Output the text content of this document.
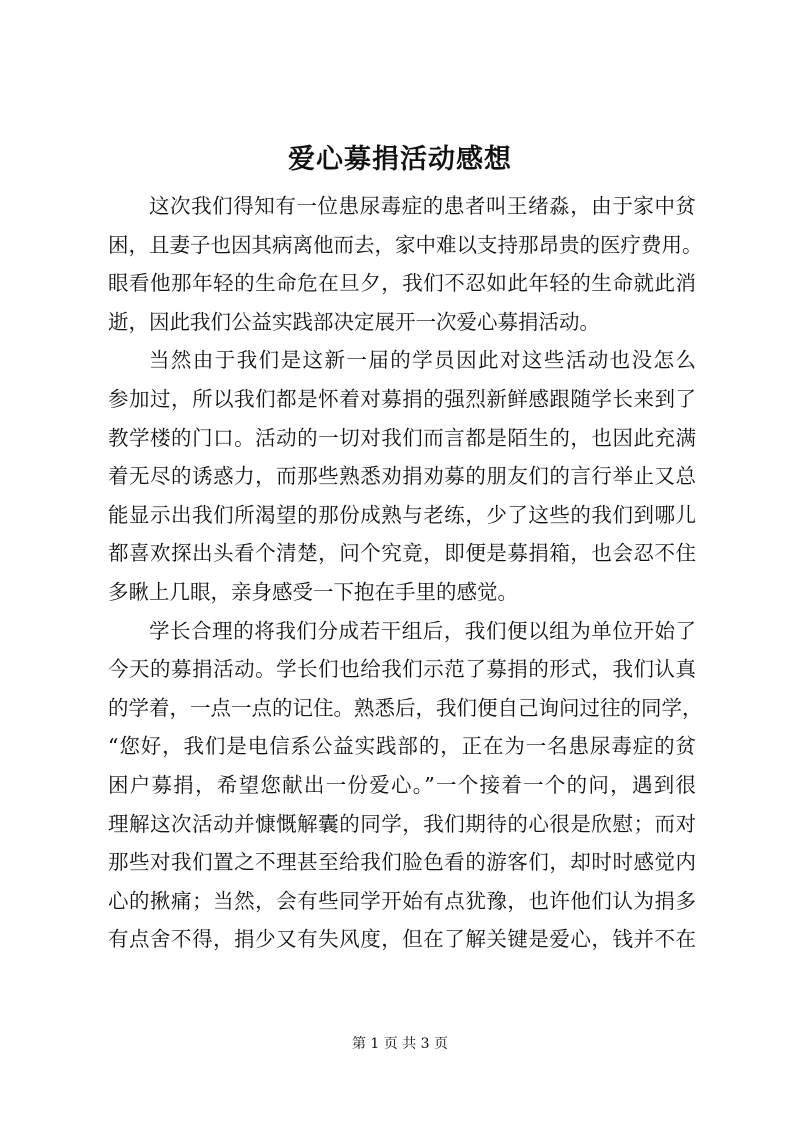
爱心募捐活动感想
这次我们得知有一位患尿毒症的患者叫王绪淼，由于家中贫
困，且妻子也因其病离他而去，家中难以支持那昂贵的医疗费用。
眼看他那年轻的生命危在旦夕，我们不忍如此年轻的生命就此消
逝，因此我们公益实践部决定展开一次爱心募捐活动。
当然由于我们是这新一届的学员因此对这些活动也没怎么
参加过，所以我们都是怀着对募捐的强烈新鲜感跟随学长来到了
教学楼的门口。活动的一切对我们而言都是陌生的，也因此充满
着无尽的诱惑力，而那些熟悉劝捐劝募的朋友们的言行举止又总
能显示出我们所渴望的那份成熟与老练，少了这些的我们到哪儿
都喜欢探出头看个清楚，问个究竟，即便是募捐箱，也会忍不住
多瞅上几眼，亲身感受一下抱在手里的感觉。
学长合理的将我们分成若干组后，我们便以组为单位开始了
今天的募捐活动。学长们也给我们示范了募捐的形式，我们认真
的学着，一点一点的记住。熟悉后，我们便自己询问过往的同学，
“您好，我们是电信系公益实践部的，正在为一名患尿毒症的贫
困户募捐，希望您献出一份爱心。”一个接着一个的问，遇到很
理解这次活动并慷慨解囊的同学，我们期待的心很是欣慰；而对
那些对我们置之不理甚至给我们脸色看的游客们，却时时感觉内
心的揪痛；当然，会有些同学开始有点犹豫，也许他们认为捐多
有点舍不得，捐少又有失风度，但在了解关键是爱心，钱并不在
第 1 页 共 3 页
